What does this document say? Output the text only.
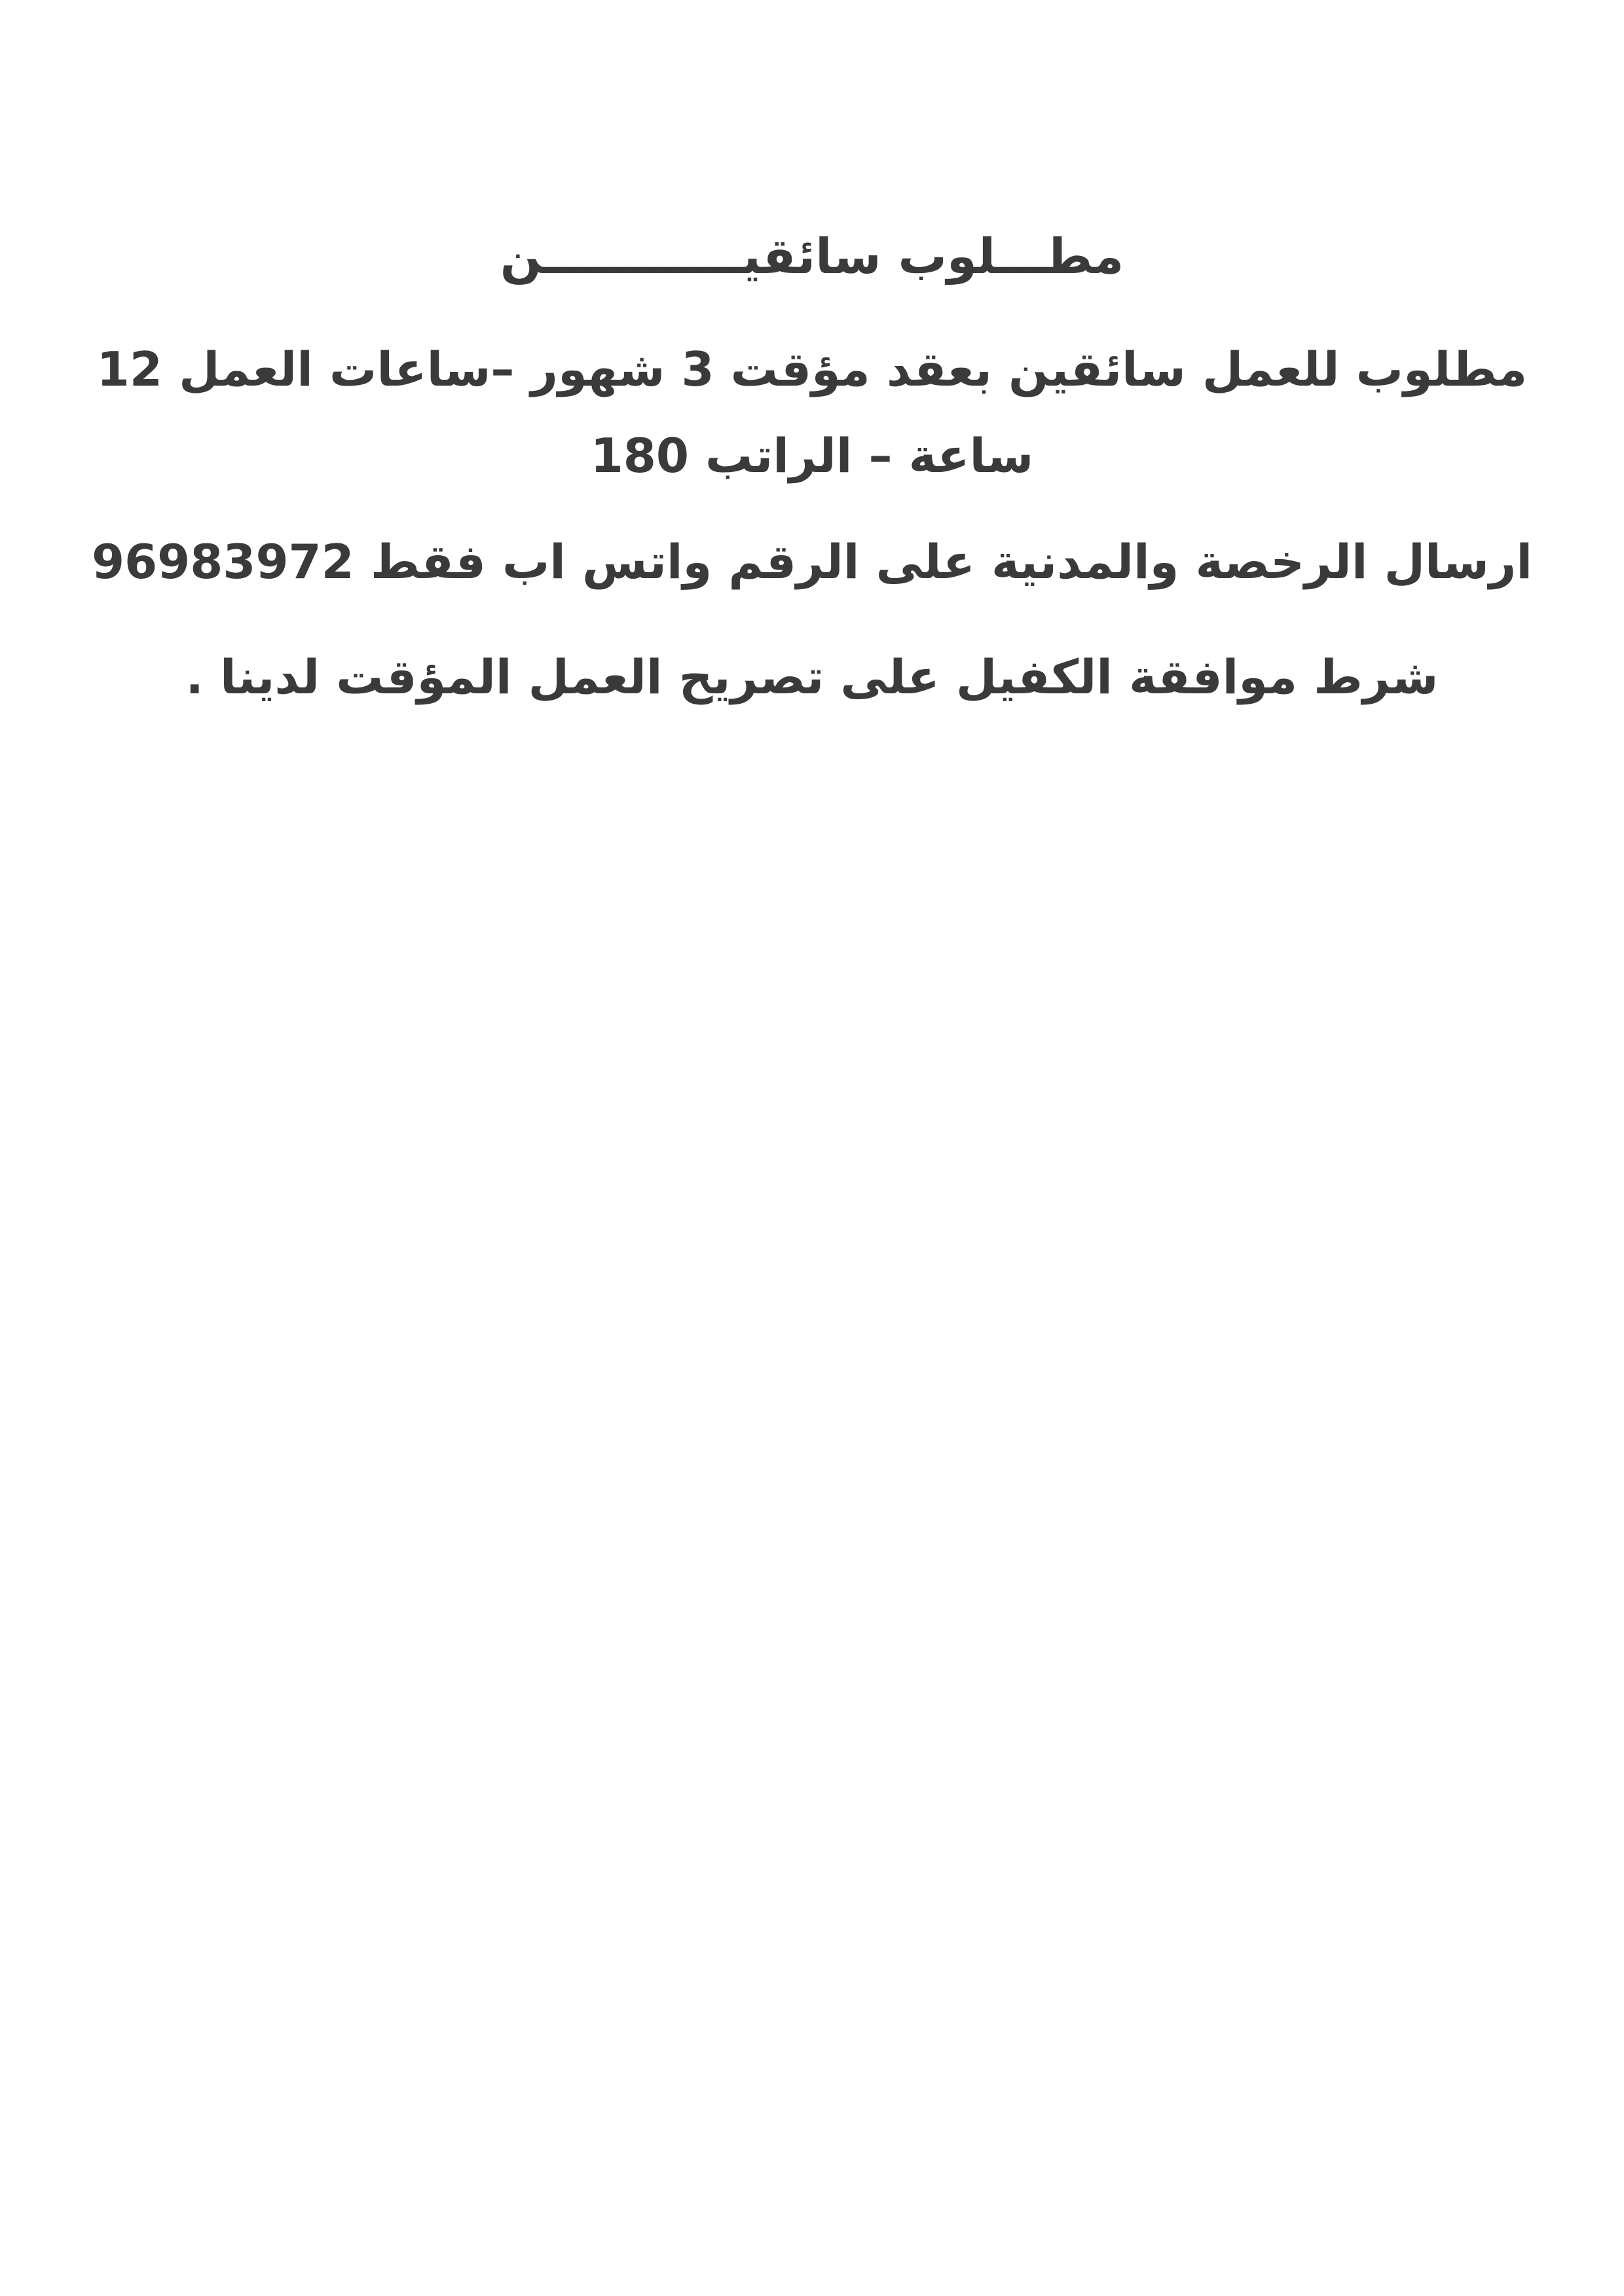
مطـــلوب سائقيــــــــــــن
مطلوب للعمل سائقين بعقد مؤقت 3 شهور –ساعات العمل 12
ساعة – الراتب 180
ارسال الرخصة والمدنية على الرقم واتس اب فقط 96983972
شرط موافقة الكفيل على تصريح العمل المؤقت لدينا .
